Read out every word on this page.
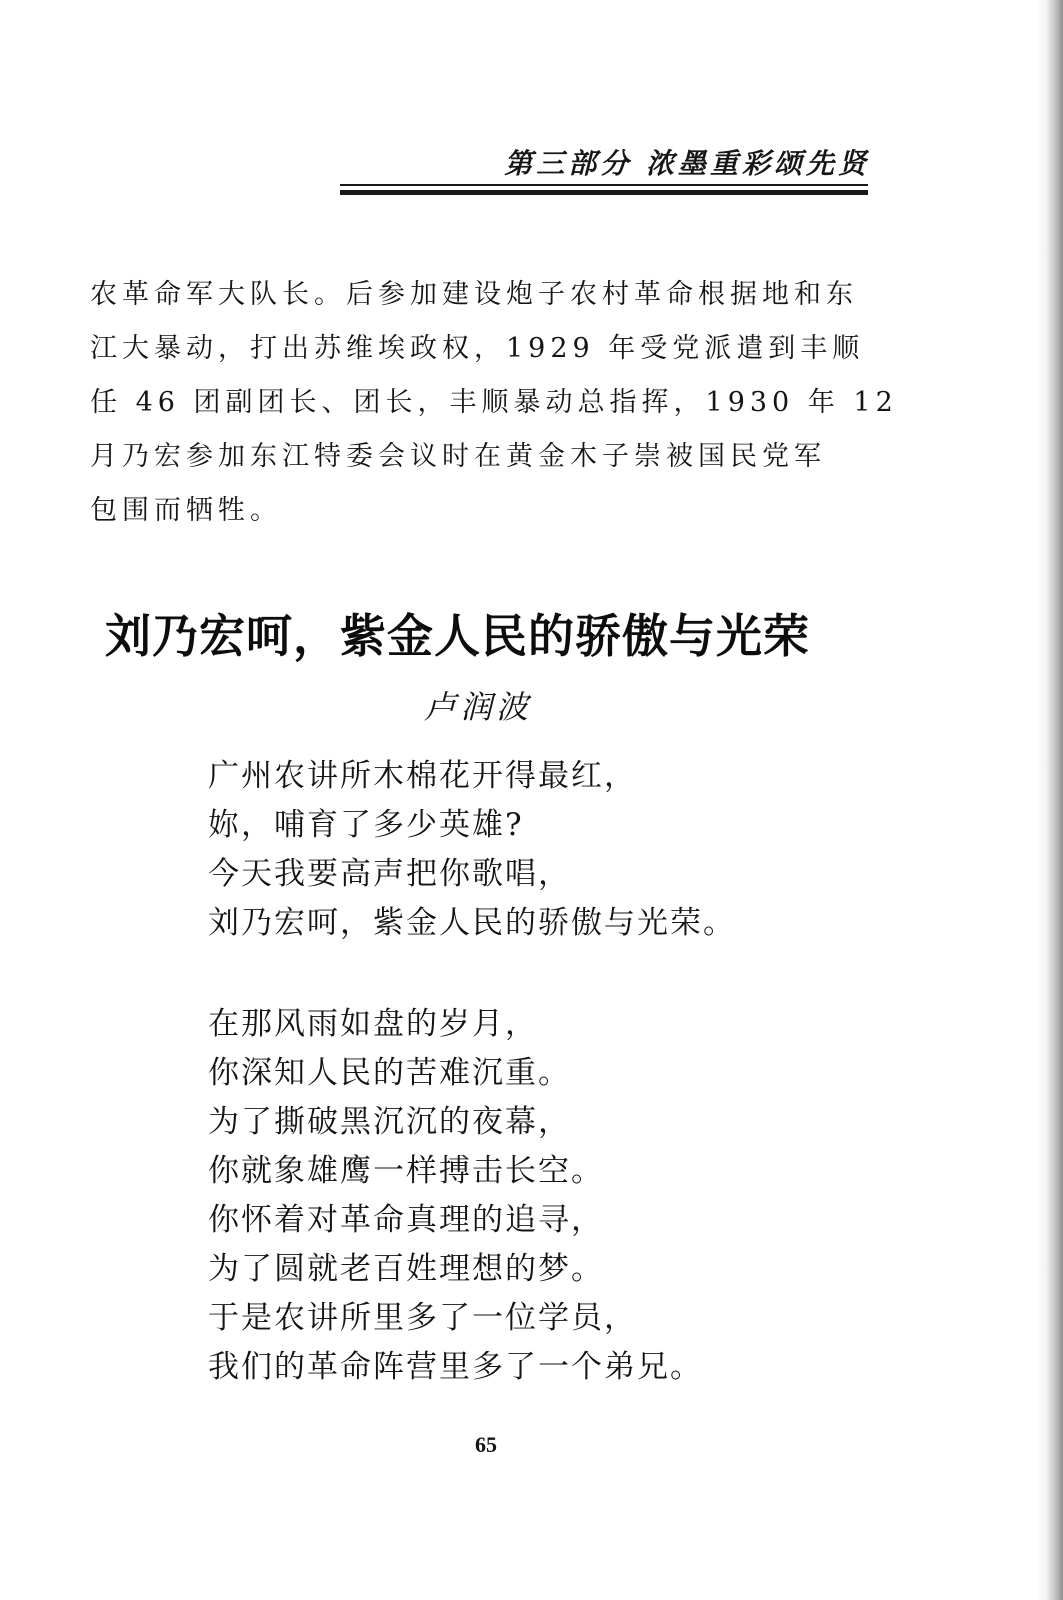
第三部分 浓墨重彩颂先贤
农革命军大队长。后参加建设炮子农村革命根据地和东
江大暴动，打出苏维埃政权，1929 年受党派遣到丰顺
任 46 团副团长、团长，丰顺暴动总指挥，1930 年 12
月乃宏参加东江特委会议时在黄金木子崇被国民党军
包围而牺牲。
刘乃宏呵，紫金人民的骄傲与光荣
卢润波
广州农讲所木棉花开得最红，
妳，哺育了多少英雄?
今天我要高声把你歌唱，
刘乃宏呵，紫金人民的骄傲与光荣。
在那风雨如盘的岁月，
你深知人民的苦难沉重。
为了撕破黑沉沉的夜幕，
你就象雄鹰一样搏击长空。
你怀着对革命真理的追寻，
为了圆就老百姓理想的梦。
于是农讲所里多了一位学员，
我们的革命阵营里多了一个弟兄。
65
